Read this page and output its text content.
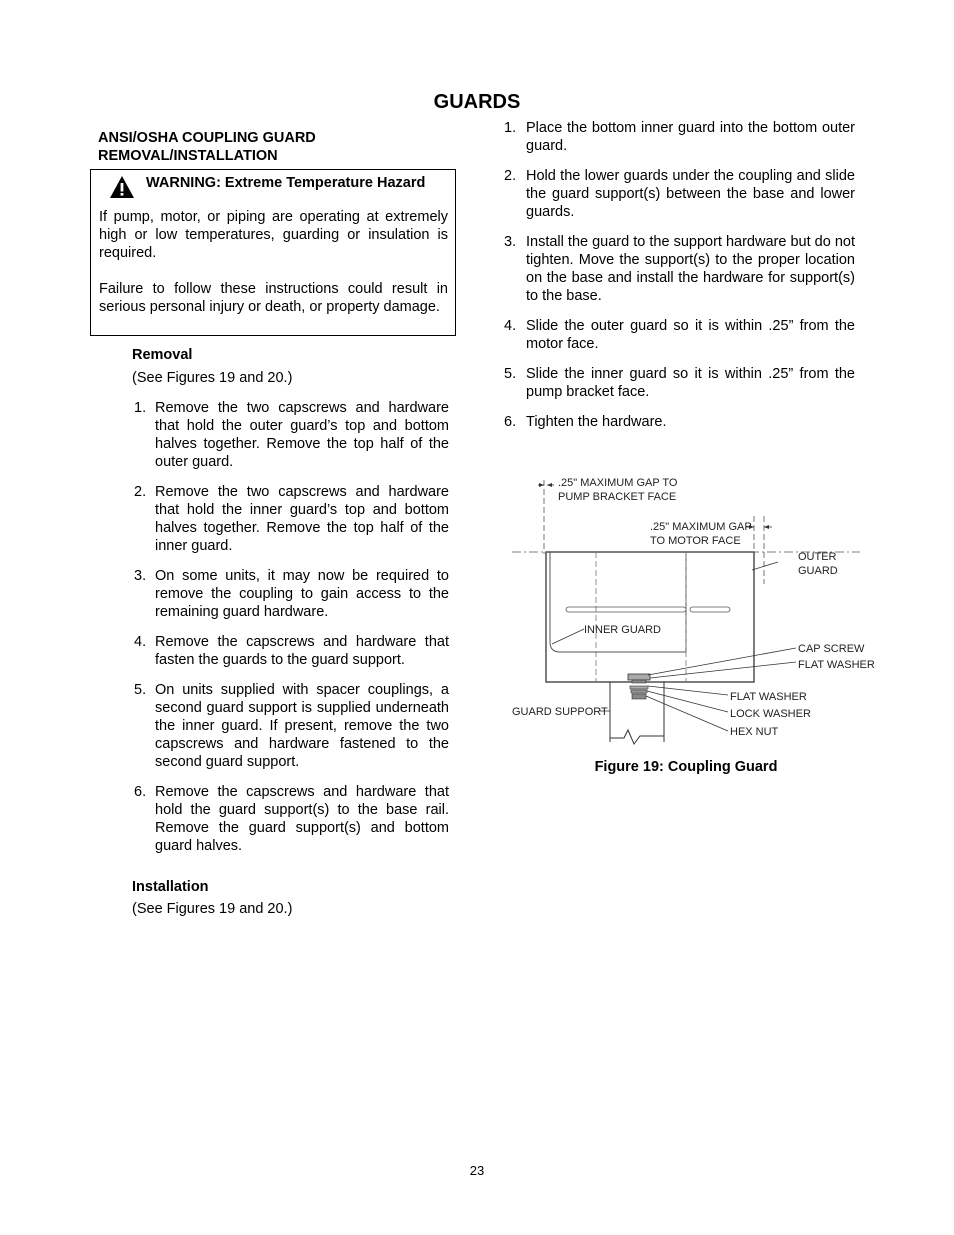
GUARDS
ANSI/OSHA COUPLING GUARD REMOVAL/INSTALLATION
WARNING: Extreme Temperature Hazard
If pump, motor, or piping are operating at extremely high or low temperatures, guarding or insulation is required.
Failure to follow these instructions could result in serious personal injury or death, or property damage.
Removal
(See Figures 19 and 20.)
1. Remove the two capscrews and hardware that hold the outer guard’s top and bottom halves together. Remove the top half of the outer guard.
2. Remove the two capscrews and hardware that hold the inner guard’s top and bottom halves together. Remove the top half of the inner guard.
3. On some units, it may now be required to remove the coupling to gain access to the remaining guard hardware.
4. Remove the capscrews and hardware that fasten the guards to the guard support.
5. On units supplied with spacer couplings, a second guard support is supplied underneath the inner guard. If present, remove the two capscrews and hardware fastened to the second guard support.
6. Remove the capscrews and hardware that hold the guard support(s) to the base rail. Remove the guard support(s) and bottom guard halves.
Installation
(See Figures 19 and 20.)
1. Place the bottom inner guard into the bottom outer guard.
2. Hold the lower guards under the coupling and slide the guard support(s) between the base and lower guards.
3. Install the guard to the support hardware but do not tighten. Move the support(s) to the proper location on the base and install the hardware for support(s) to the base.
4. Slide the outer guard so it is within .25” from the motor face.
5. Slide the inner guard so it is within .25” from the pump bracket face.
6. Tighten the hardware.
.25" MAXIMUM GAP TO
PUMP BRACKET FACE
.25" MAXIMUM GAP
TO MOTOR FACE
OUTER
GUARD
INNER GUARD
CAP SCREW
FLAT WASHER
GUARD SUPPORT
FLAT WASHER
LOCK WASHER
HEX NUT
Figure 19: Coupling Guard
23
